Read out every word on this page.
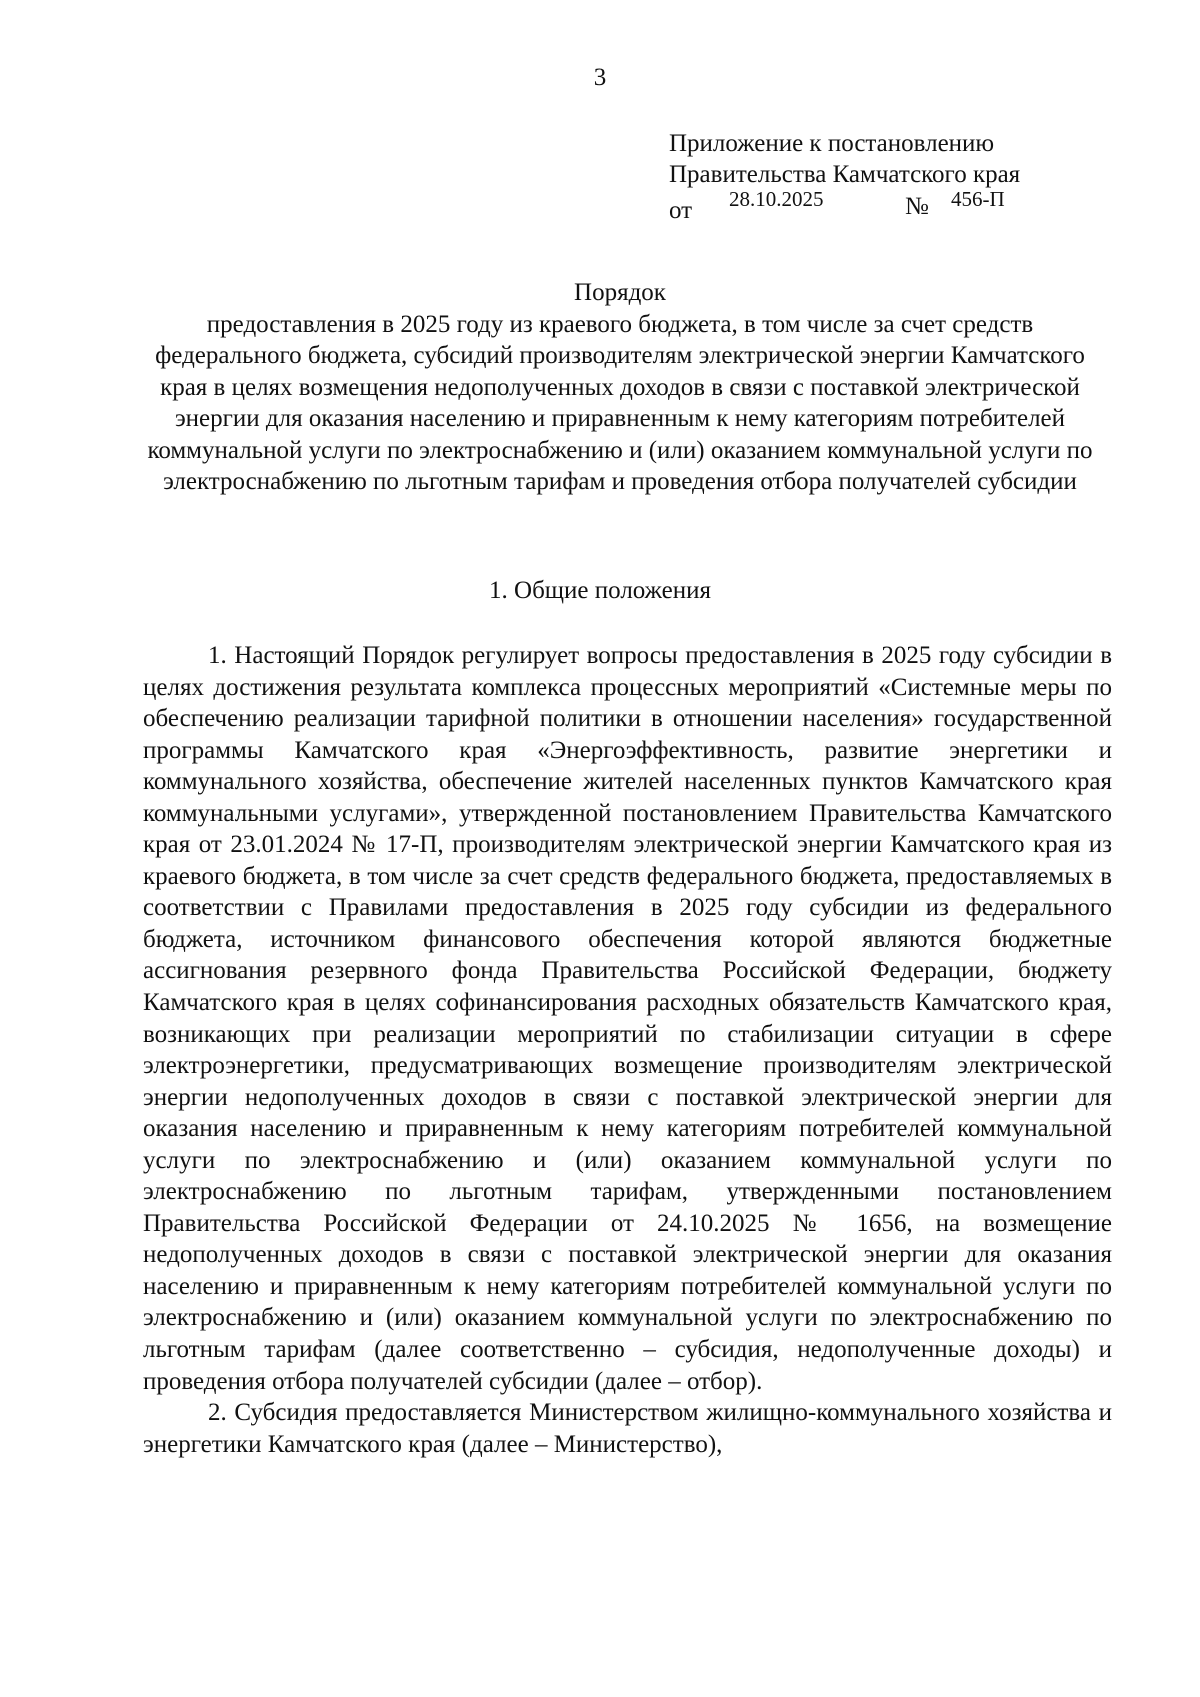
3
Приложение к постановлению
Правительства Камчатского края
от 28.10.2025	№ 456-П
Порядок
предоставления в 2025 году из краевого бюджета, в том числе за счет средств федерального бюджета, субсидий производителям электрической энергии Камчатского края в целях возмещения недополученных доходов в связи с поставкой электрической энергии для оказания населению и приравненным к нему категориям потребителей коммунальной услуги по электроснабжению и (или) оказанием коммунальной услуги по электроснабжению по льготным тарифам и проведения отбора получателей субсидии
1. Общие положения

1. Настоящий Порядок регулирует вопросы предоставления в 2025 году субсидии в целях достижения результата комплекса процессных мероприятий «Системные меры по обеспечению реализации тарифной политики в отношении населения» государственной программы Камчатского края «Энергоэффективность, развитие энергетики и коммунального хозяйства, обеспечение жителей населенных пунктов Камчатского края коммунальными услугами», утвержденной постановлением Правительства Камчатского края от 23.01.2024 № 17-П, производителям электрической энергии Камчатского края из краевого бюджета, в том числе за счет средств федерального бюджета, предоставляемых в соответствии с Правилами предоставления в 2025 году субсидии из федерального бюджета, источником финансового обеспечения которой являются бюджетные ассигнования резервного фонда Правительства Российской Федерации, бюджету Камчатского края в целях софинансирования расходных обязательств Камчатского края, возникающих при реализации мероприятий по стабилизации ситуации в сфере электроэнергетики, предусматривающих возмещение производителям электрической энергии недополученных доходов в связи с поставкой электрической энергии для оказания населению и приравненным к нему категориям потребителей коммунальной услуги по электроснабжению и (или) оказанием коммунальной услуги по электроснабжению по льготным тарифам, утвержденными постановлением Правительства Российской Федерации от 24.10.2025 № 1656, на возмещение недополученных доходов в связи с поставкой электрической энергии для оказания населению и приравненным к нему категориям потребителей коммунальной услуги по электроснабжению и (или) оказанием коммунальной услуги по электроснабжению по льготным тарифам (далее соответственно – субсидия, недополученные доходы) и проведения отбора получателей субсидии (далее – отбор).

2. Субсидия предоставляется Министерством жилищно-коммунального хозяйства и энергетики Камчатского края (далее – Министерство),
